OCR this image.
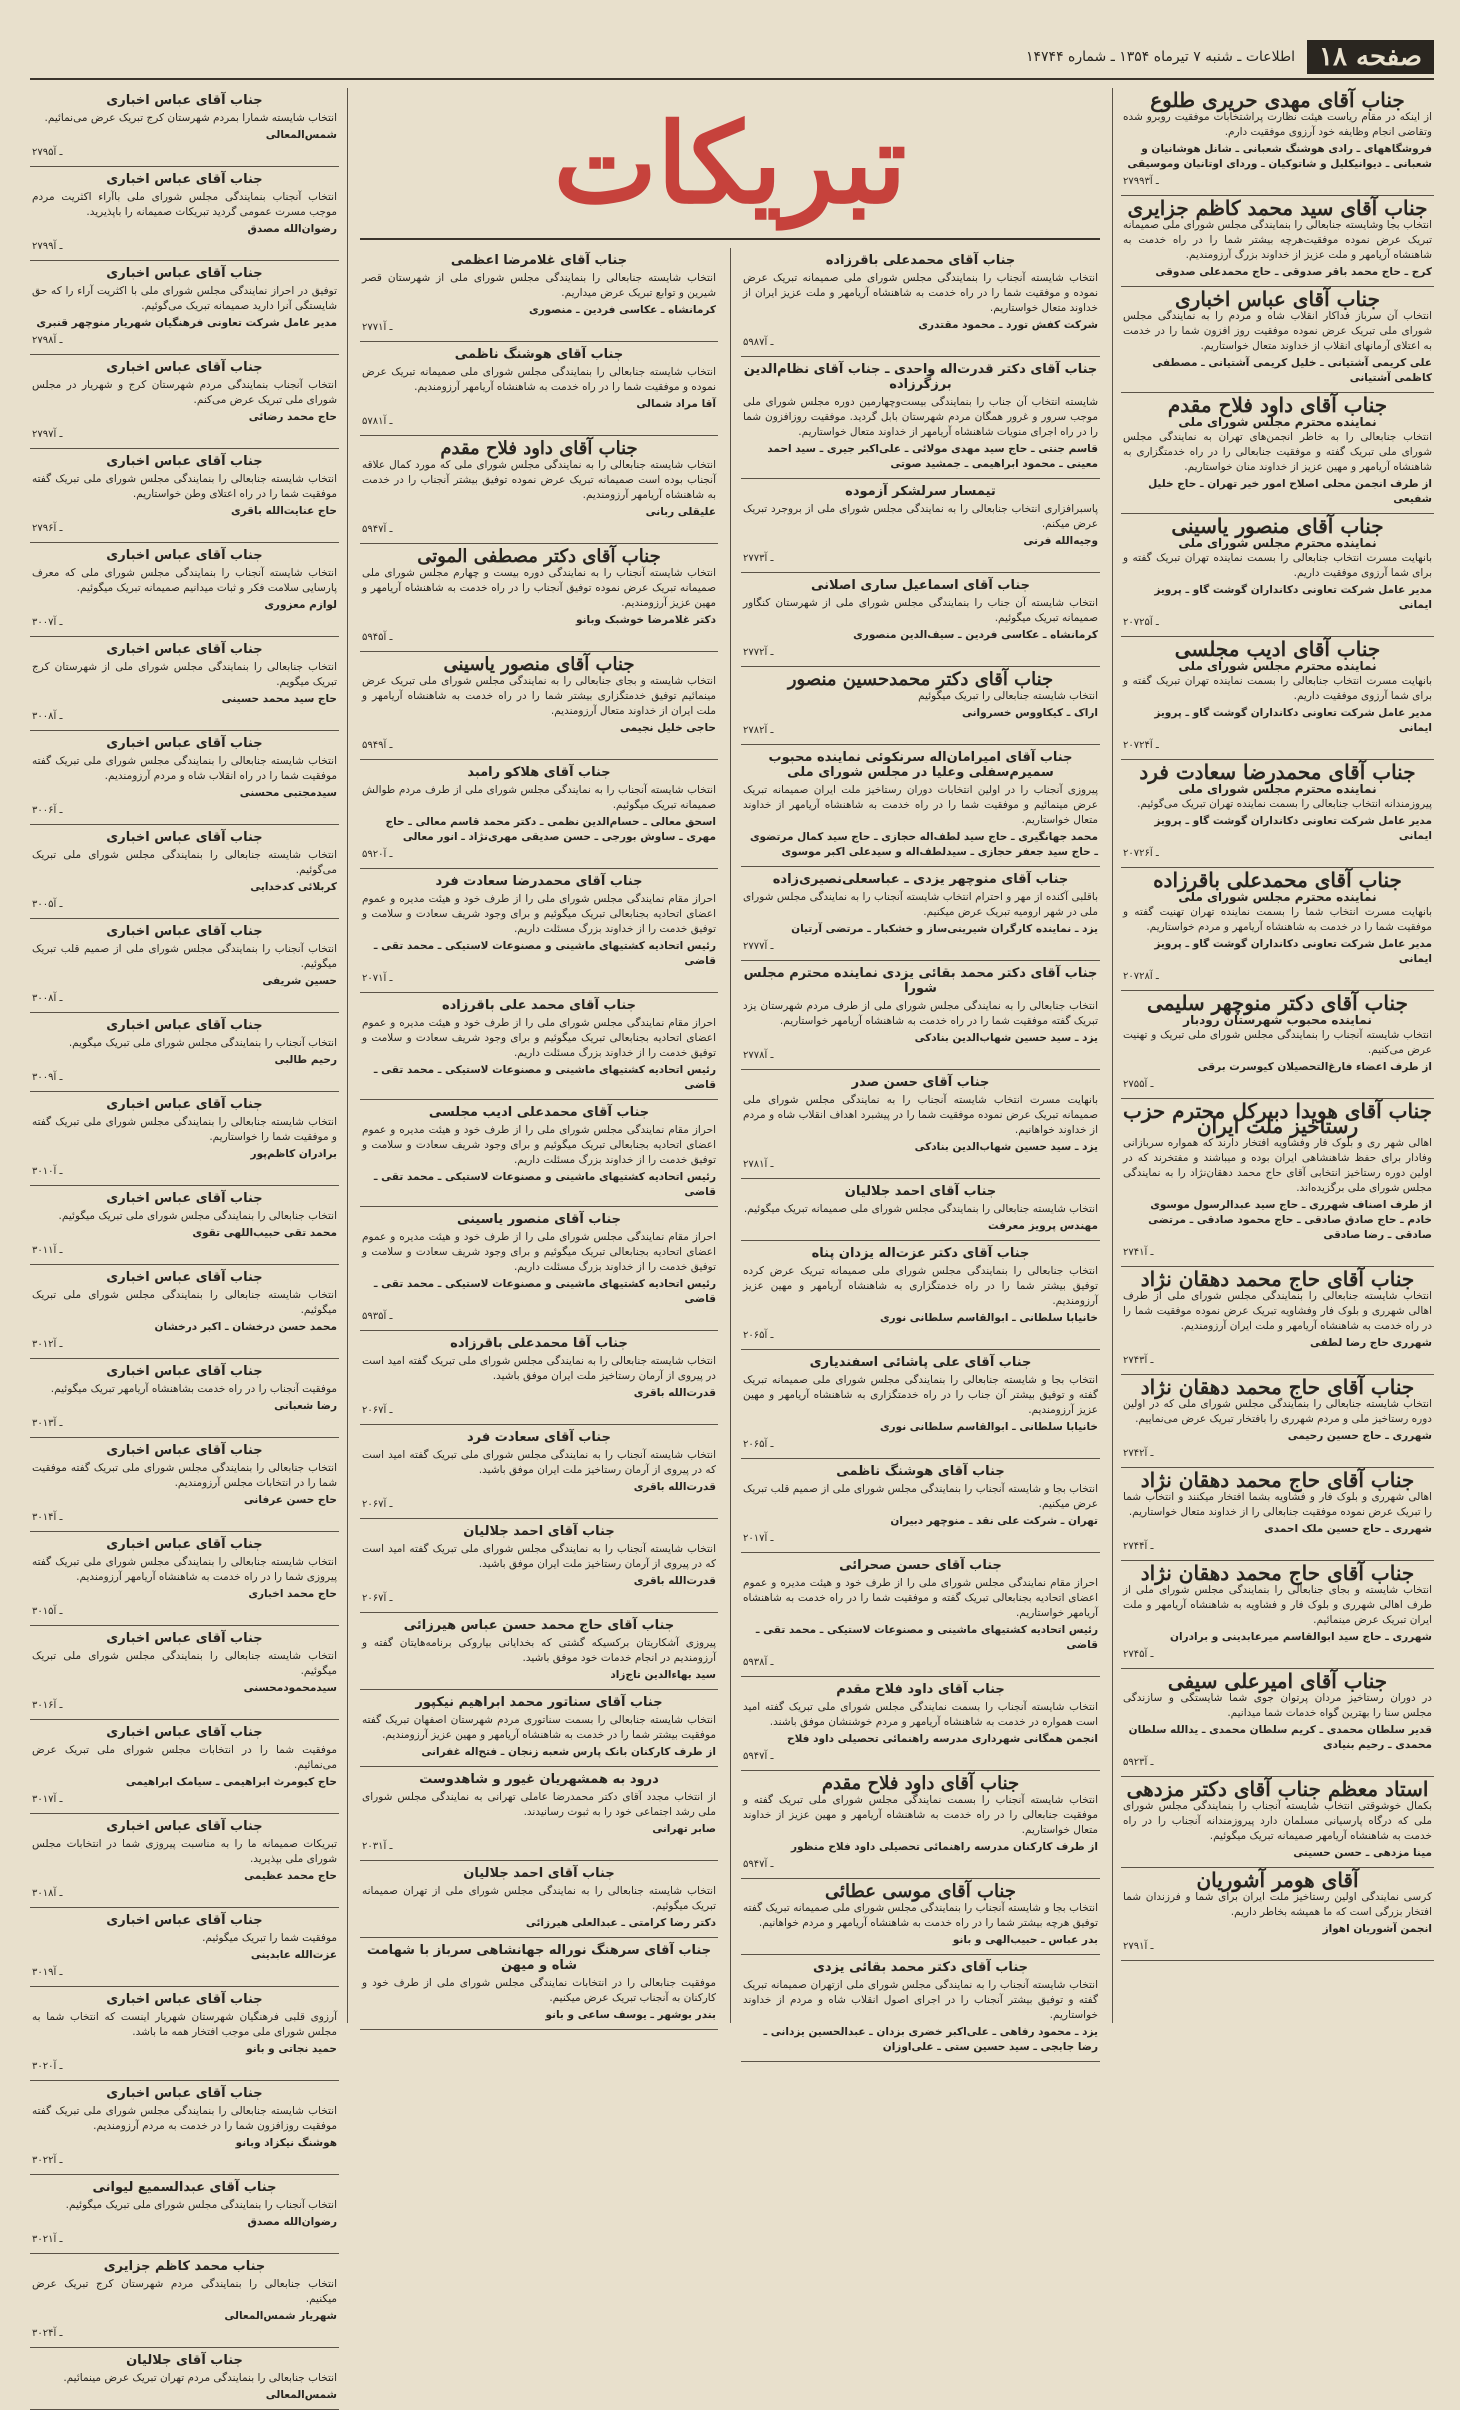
صفحه ۱۸
اطلاعات ـ شنبه ۷ تیرماه ۱۳۵۴ ـ شماره ۱۴۷۴۴
جناب آقای مهدی حریری طلوع

از اینکه در مقام ریاست هیئت نظارت پراشتخابات موفقیت روبرو شده وتقاضی انجام وظایفه خود آرزوی موفقیت دارم.

فروشگاههای ـ رادی هوشنگ شعبانی ـ شانل هوشانیان و شعبانی ـ دیوانیکلیل و شاتوکیان ـ وردای اوتانیان وموسیقی
۲۷۹۹۳ـ آ
جناب آقای سید محمد کاظم جزایری

انتخاب بجا وشایسته جنابعالی را بنمایندگی مجلس شورای ملی صمیمانه تبریک عرض نموده موفقیت‌هرچه بیشتر شما را در راه خدمت به شاهنشاه آریامهر و ملت عزیز از خداوند بزرگ آرزومندیم.

کرج ـ حاج محمد باقر صدوقی ـ حاج محمدعلی صدوقی
جناب آقای عباس اخباری

انتخاب آن سرباز فداکار انقلاب شاه و مردم را به نمایندگی مجلس شورای ملی تبریک عرض نموده موفقیت روز افزون شما را در خدمت به اعتلای آرمانهای انقلاب از خداوند متعال خواستاریم.

علی کریمی آشتیانی ـ خلیل کریمی آشتیانی ـ مصطفی کاظمی آشتیانی
جناب آقای داود فلاح مقدم
نماینده محترم مجلس شورای ملی

انتخاب جنابعالی را به خاطر انجمن‌های تهران به نمایندگی مجلس شورای ملی تبریک گفته و موفقیت جنابعالی را در راه خدمتگزاری به شاهنشاه آریامهر و مهین عزیز از خداوند منان خواستاریم.

از طرف انجمن محلی اصلاح امور خیر تهران ـ حاج خلیل شفیعی
جناب آقای منصور یاسینی
نماینده محترم مجلس شورای ملی

بانهایت مسرت انتخاب جنابعالی را بسمت نماینده تهران تبریک گفته و برای شما آرزوی موفقیت داریم.

مدیر عامل شرکت تعاونی دکانداران گوشت گاو ـ پرویز ایمانی
۲۰۷۲۵ـ آ
جناب آقای ادیب مجلسی
نماینده محترم مجلس شورای ملی

بانهایت مسرت انتخاب جنابعالی را بسمت نماینده تهران تبریک گفته و برای شما آرزوی موفقیت داریم.

مدیر عامل شرکت تعاونی دکانداران گوشت گاو ـ پرویز ایمانی
۲۰۷۲۴ـ آ
جناب آقای محمدرضا سعادت فرد
نماینده محترم مجلس شورای ملی

پیروزمندانه انتخاب جنابعالی را بسمت نماینده تهران تبریک می‌گوئیم.

مدیر عامل شرکت تعاونی دکانداران گوشت گاو ـ پرویز ایمانی
۲۰۷۲۶ـ آ
جناب آقای محمدعلی باقرزاده
نماینده محترم مجلس شورای ملی

بانهایت مسرت انتخاب شما را بسمت نماینده تهران تهنیت گفته و موفقیت شما را در خدمت به شاهنشاه آریامهر و مردم خواستاریم.

مدیر عامل شرکت تعاونی دکانداران گوشت گاو ـ پرویز ایمانی
۲۰۷۲۸ـ آ
جناب آقای دکتر منوچهر سلیمی
نماینده محبوب شهرستان رودبار

انتخاب شایسته آنجناب را بنمایندگی مجلس شورای ملی تبریک و تهنیت عرض می‌کنیم.

از طرف اعضاء فارغ‌التحصیلان کیوسرت برقی
۲۷۵۵ـ آ
جناب آقای هویدا دبیرکل محترم حزب رستاخیز ملت ایران

اهالی شهر ری و بلوک فار وفشاویه افتخار دارند که همواره سربازانی وفادار برای حفظ شاهنشاهی ایران بوده و میباشند و مفتخرند که در اولین دوره رستاخیز انتخابی آقای حاج محمد دهقان‌نژاد را به نمایندگی مجلس شورای ملی برگزیده‌اند.

از طرف اصناف شهرری ـ حاج سید عبدالرسول موسوی خادم ـ حاج صادق صادقی ـ حاج محمود صادقی ـ مرتضی صادقی ـ رضا صادقی
۲۷۴۱ـ آ
جناب آقای حاج محمد دهقان نژاد

انتخاب شایسته جنابعالی را بنمایندگی مجلس شورای ملی از طرف اهالی شهرری و بلوک فار وفشاویه تبریک عرض نموده موفقیت شما را در راه خدمت به شاهنشاه آریامهر و ملت ایران آرزومندیم.

شهرری حاج رضا لطفی
۲۷۴۳ـ آ
جناب آقای حاج محمد دهقان نژاد

انتخاب شایسته جنابعالی را بنمایندگی مجلس شورای ملی که در اولین دوره رستاخیز ملی و مردم شهرری را بافتخار تبریک عرض می‌نماییم.

شهرری ـ حاج حسین رحیمی
۲۷۴۲ـ آ
جناب آقای حاج محمد دهقان نژاد

اهالی شهرری و بلوک فار و فشاویه بشما افتخار میکنند و انتخاب شما را تبریک عرض نموده موفقیت جنابعالی را از خداوند متعال خواستاریم.

شهرری ـ حاج حسین ملک احمدی
۲۷۴۴ـ آ
جناب آقای حاج محمد دهقان نژاد

انتخاب شایسته و بجای جنابعالی را بنمایندگی مجلس شورای ملی از طرف اهالی شهرری و بلوک فار و فشاویه به شاهنشاه آریامهر و ملت ایران تبریک عرض مینمائیم.

شهرری ـ حاج سید ابوالقاسم میرعابدینی و برادران
۲۷۴۵ـ آ
جناب آقای امیرعلی سیفی

در دوران رستاخیز مردان پرتوان جوی شما شایستگی و سازندگی مجلس سنا را بهترین گواه خدمات شما میدانیم.

قدیر سلطان محمدی ـ کریم سلطان محمدی ـ یدالله سلطان محمدی ـ رحیم بنیادی
۵۹۲۳ـ آ
استاد معظم جناب آقای دکتر مزدهی

بکمال خوشوقتی انتخاب شایسته آنجناب را بنمایندگی مجلس شورای ملی که درگاه پارسیانی مسلمان دارد پیروزمندانه آنجناب را در راه خدمت به شاهنشاه آریامهر صمیمانه تبریک میگوئیم.

مینا مزدهی ـ حسن حسینی
آقای هومر آشوریان

کرسی نمایندگی اولین رستاخیز ملت ایران برای شما و فرزندان شما افتخار بزرگی است که ما همیشه بخاطر داریم.

انجمن آشوریان اهواز
۲۷۹۱ـ آ
تبریکات
جناب آقای محمدعلی باقرزاده

انتخاب شایسته آنجناب را بنمایندگی مجلس شورای ملی صمیمانه تبریک عرض نموده و موفقیت شما را در راه خدمت به شاهنشاه آریامهر و ملت عزیز ایران از خداوند متعال خواستاریم.

شرکت کفش تورد ـ محمود مقتدری
۵۹۸۷ـ آ
جناب آقای دکتر قدرت‌اله واحدی ـ جناب آقای نظام‌الدین برزگرزاده

شایسته انتخاب آن جناب را بنمایندگی بیست‌وچهارمین دوره مجلس شورای ملی موجب سرور و غرور همگان مردم شهرستان بابل گردید. موفقیت روزافزون شما را در راه اجرای منویات شاهنشاه آریامهر از خداوند متعال خواستاریم.

قاسم جنتی ـ حاج سید مهدی مولائی ـ علی‌اکبر جیری ـ سید احمد معینی ـ محمود ابراهیمی ـ جمشید صوتی
تیمسار سرلشکر آزموده

پاسبرافزاری انتخاب جنابعالی را به نمایندگی مجلس شورای ملی از بروجرد تبریک عرض میکنم.

وجیه‌الله فرنی
۲۷۷۳ـ آ
جناب آقای اسماعیل ساری اصلانی

انتخاب شایسته آن جناب را بنمایندگی مجلس شورای ملی از شهرستان کنگاور صمیمانه تبریک میگوئیم.

کرمانشاه ـ عکاسی فردین ـ سیف‌الدین منصوری
۲۷۷۲ـ آ
جناب آقای دکتر محمدحسین منصور

انتخاب شایسته جنابعالی را تبریک میگوئیم

اراک ـ کیکاووس خسروانی
۲۷۸۲ـ آ
جناب آقای امیرامان‌اله سرنکوئی نماینده محبوب سمیرم‌سفلی وعلیا در مجلس شورای ملی

پیروزی آنجناب را در اولین انتخابات دوران رستاخیز ملت ایران صمیمانه تبریک عرض مینمائیم و موفقیت شما را در راه خدمت به شاهنشاه آریامهر از خداوند متعال خواستاریم.

محمد جهانگیری ـ حاج سید لطف‌اله حجازی ـ حاج سید کمال مرتضوی ـ حاج سید جعفر حجازی ـ سیدلطف‌اله و سیدعلی اکبر موسوی
جناب آقای منوچهر یزدی ـ عباسعلی‌نصیری‌زاده

باقلبی آکنده از مهر و احترام انتخاب شایسته آنجناب را به نمایندگی مجلس شورای ملی در شهر ارومیه تبریک عرض میکنیم.

یزد ـ نماینده کارگران شیرینی‌ساز و خشکبار ـ مرتضی آرتیان
۲۷۷۷ـ آ
جناب آقای دکتر محمد بقائی یزدی نماینده محترم مجلس شورا

انتخاب جنابعالی را به نمایندگی مجلس شورای ملی از طرف مردم شهرستان یزد تبریک گفته موفقیت شما را در راه خدمت به شاهنشاه آریامهر خواستاریم.

یزد ـ سید حسین شهاب‌الدین بنادکی
۲۷۷۸ـ آ
جناب آقای حسن صدر

بانهایت مسرت انتخاب شایسته آنجناب را به نمایندگی مجلس شورای ملی صمیمانه تبریک عرض نموده موفقیت شما را در پیشبرد اهداف انقلاب شاه و مردم از خداوند خواهانیم.

یزد ـ سید حسین شهاب‌الدین بنادکی
۲۷۸۱ـ آ
جناب آقای احمد جلالیان

انتخاب شایسته جنابعالی را بنمایندگی مجلس شورای ملی صمیمانه تبریک میگوئیم.

مهندس پرویز معرفت
جناب آقای دکتر عزت‌اله یزدان پناه

انتخاب جنابعالی را بنمایندگی مجلس شورای ملی صمیمانه تبریک عرض کرده توفیق بیشتر شما را در راه خدمتگزاری به شاهنشاه آریامهر و مهین عزیز آرزومندیم.

خانیابا سلطانی ـ ابوالقاسم سلطانی نوری
۲۰۶۵ـ آ
جناب آقای علی پاشائی اسفندیاری

انتخاب بجا و شایسته جنابعالی را بنمایندگی مجلس شورای ملی صمیمانه تبریک گفته و توفیق بیشتر آن جناب را در راه خدمتگزاری به شاهنشاه آریامهر و مهین عزیز آرزومندیم.

خانیابا سلطانی ـ ابوالقاسم سلطانی نوری
۲۰۶۵ـ آ
جناب آقای هوشنگ ناظمی

انتخاب بجا و شایسته آنجناب را بنمایندگی مجلس شورای ملی از صمیم قلب تبریک عرض میکنیم.

تهران ـ شرکت علی نقد ـ منوچهر دبیران
۲۰۱۷ـ آ
جناب آقای حسن صحرائی

احراز مقام نمایندگی مجلس شورای ملی را از طرف خود و هیئت مدیره و عموم اعضای اتحادیه بجنابعالی تبریک گفته و موفقیت شما را در راه خدمت به شاهنشاه آریامهر خواستاریم.

رئیس اتحادیه کشتیهای ماشینی و مصنوعات لاستیکی ـ محمد تقی ـ قاضی
۵۹۳۸ـ آ
جناب آقای داود فلاح مقدم

انتخاب شایسته آنجناب را بسمت نمایندگی مجلس شورای ملی تبریک گفته امید است همواره در خدمت به شاهنشاه آریامهر و مردم خوشنشان موفق باشند.

انجمن همگانی شهرداری مدرسه راهنمائی تحصیلی داود فلاح
۵۹۴۷ـ آ
جناب آقای داود فلاح مقدم

انتخاب شایسته آنجناب را بسمت نمایندگی مجلس شورای ملی تبریک گفته و موفقیت جنابعالی را در راه خدمت به شاهنشاه آریامهر و مهین عزیز از خداوند متعال خواستاریم.

از طرف کارکنان مدرسه راهنمائی تحصیلی داود فلاح منظور
۵۹۴۷ـ آ
جناب آقای موسی عطائی

انتخاب بجا و شایسته آنجناب را بنمایندگی مجلس شورای ملی صمیمانه تبریک گفته توفیق هرچه بیشتر شما را در راه خدمت به شاهنشاه آریامهر و مردم خواهانیم.

بدر عباس ـ حبیب‌الهی و بانو
جناب آقای دکتر محمد بقائی یزدی

انتخاب شایسته آنجناب را به نمایندگی مجلس شورای ملی ازتهران صمیمانه تبریک گفته و توفیق بیشتر آنجناب را در اجرای اصول انقلاب شاه و مردم از خداوند خواستاریم.

یزد ـ محمود رفاهی ـ علی‌اکبر خضری بزدان ـ عبدالحسین یزدانی ـ رضا جابجی ـ سید حسین ستی ـ علی‌اوزان
جناب آقای غلامرضا اعظمی

انتخاب شایسته جنابعالی را بنمایندگی مجلس شورای ملی از شهرستان قصر شیرین و توابع تبریک عرض میداریم.

کرمانشاه ـ عکاسی فردین ـ منصوری
۲۷۷۱ـ آ
جناب آقای هوشنگ ناظمی

انتخاب شایسته جنابعالی را بنمایندگی مجلس شورای ملی صمیمانه تبریک عرض نموده و موفقیت شما را در راه خدمت به شاهنشاه آریامهر آرزومندیم.

آقا مراد شمالی
۵۷۸۱ـ آ
جناب آقای داود فلاح مقدم

انتخاب شایسته جنابعالی را به نمایندگی مجلس شورای ملی که مورد کمال علاقه آنجناب بوده است صمیمانه تبریک عرض نموده توفیق بیشتر آنجناب را در خدمت به شاهنشاه آریامهر آرزومندیم.

علیقلی ربانی
۵۹۴۷ـ آ
جناب آقای دکتر مصطفی الموتی

انتخاب شایسته آنجناب را به نمایندگی دوره بیست و چهارم مجلس شورای ملی صمیمانه تبریک عرض نموده توفیق آنجناب را در راه خدمت به شاهنشاه آریامهر و مهین عزیز آرزومندیم.

دکتر غلامرضا خوشبک وبانو
۵۹۴۵ـ آ
جناب آقای منصور یاسینی

انتخاب شایسته و بجای جنابعالی را به نمایندگی مجلس شورای ملی تبریک عرض مینمائیم توفیق خدمتگزاری بیشتر شما را در راه خدمت به شاهنشاه آریامهر و ملت ایران از خداوند متعال آرزومندیم.

حاجی خلیل نجیمی
۵۹۴۹ـ آ
جناب آقای هلاکو رامبد

انتخاب شایسته آنجناب را به نمایندگی مجلس شورای ملی از طرف مردم طوالش صمیمانه تبریک میگوئیم.

اسحق معالی ـ حسام‌الدین نظمی ـ دکتر محمد قاسم معالی ـ حاج مهری ـ ساوش بورجی ـ حسن صدیقی مهری‌نژاد ـ انور معالی
۵۹۲۰ـ آ
جناب آقای محمدرضا سعادت فرد

احراز مقام نمایندگی مجلس شورای ملی را از طرف خود و هیئت مدیره و عموم اعضای اتحادیه بجنابعالی تبریک میگوئیم و برای وجود شریف سعادت و سلامت و توفیق خدمت را از خداوند بزرگ مسئلت داریم.

رئیس اتحادیه کشتیهای ماشینی و مصنوعات لاستیکی ـ محمد تقی ـ قاضی
۲۰۷۱ـ آ
جناب آقای محمد علی باقرزاده

احراز مقام نمایندگی مجلس شورای ملی را از طرف خود و هیئت مدیره و عموم اعضای اتحادیه بجنابعالی تبریک میگوئیم و برای وجود شریف سعادت و سلامت و توفیق خدمت را از خداوند بزرگ مسئلت داریم.

رئیس اتحادیه کشتیهای ماشینی و مصنوعات لاستیکی ـ محمد تقی ـ قاضی
جناب آقای محمدعلی ادیب مجلسی

احراز مقام نمایندگی مجلس شورای ملی را از طرف خود و هیئت مدیره و عموم اعضای اتحادیه بجنابعالی تبریک میگوئیم و برای وجود شریف سعادت و سلامت و توفیق خدمت را از خداوند بزرگ مسئلت داریم.

رئیس اتحادیه کشتیهای ماشینی و مصنوعات لاستیکی ـ محمد تقی ـ قاضی
جناب آقای منصور یاسینی

احراز مقام نمایندگی مجلس شورای ملی را از طرف خود و هیئت مدیره و عموم اعضای اتحادیه بجنابعالی تبریک میگوئیم و برای وجود شریف سعادت و سلامت و توفیق خدمت را از خداوند بزرگ مسئلت داریم.

رئیس اتحادیه کشتیهای ماشینی و مصنوعات لاستیکی ـ محمد تقی ـ قاضی
۵۹۳۵ـ آ
جناب آقا محمدعلی باقرزاده

انتخاب شایسته جنابعالی را به نمایندگی مجلس شورای ملی تبریک گفته امید است در پیروی از آرمان رستاخیز ملت ایران موفق باشید.

قدرت‌الله باقری
۲۰۶۷ـ آ
جناب آقای سعادت فرد

انتخاب شایسته آنجناب را به نمایندگی مجلس شورای ملی تبریک گفته امید است که در پیروی از آرمان رستاخیز ملت ایران موفق باشید.

قدرت‌الله باقری
۲۰۶۷ـ آ
جناب آقای احمد جلالیان

انتخاب شایسته آنجناب را به نمایندگی مجلس شورای ملی تبریک گفته امید است که در پیروی از آرمان رستاخیز ملت ایران موفق باشید.

قدرت‌الله باقری
۲۰۶۷ـ آ
جناب آقای حاج محمد حسن عباس هیرزائی

پیروزی آشکاریتان برکسیکه گشتی که بخدایانی بیاروکی برنامه‌هایتان گفته و آرزومندیم در انجام خدمات خود موفق باشید.

سید بهاءالدین تاج‌زاد
جناب آقای سناتور محمد ابراهیم نیکپور

انتخاب شایسته جنابعالی را بسمت سناتوری مردم شهرستان اصفهان تبریک گفته موفقیت بیشتر شما را در خدمت به شاهنشاه آریامهر و مهین عزیز آرزومندیم.

از طرف کارکنان بانک پارس شعبه زنجان ـ فتح‌اله غفرانی
درود به همشهریان غیور و شاهدوست

از انتخاب مجدد آقای دکتر محمدرضا عاملی تهرانی به نمایندگی مجلس شورای ملی رشد اجتماعی خود را به ثبوت رسانیدند.

صابر تهرانی
۲۰۳۱ـ آ
جناب آقای احمد جلالیان

انتخاب شایسته جنابعالی را به نمایندگی مجلس شورای ملی از تهران صمیمانه تبریک میگوئیم.

دکتر رضا کرامتی ـ عبدالعلی هیرزائی
جناب آقای سرهنگ نوراله جهانشاهی سرباز با شهامت شاه و میهن

موفقیت جنابعالی را در انتخابات نمایندگی مجلس شورای ملی از طرف خود و کارکنان به آنجناب تبریک عرض میکنیم.

بندر بوشهر ـ یوسف ساعی و بانو
جناب آقای عباس اخباری

انتخاب شایسته شمارا بمردم شهرستان کرج تبریک عرض می‌نمائیم.

شمس‌المعالی
۲۷۹۵ـ آ
جناب آقای عباس اخباری

انتخاب آنجناب بنمایندگی مجلس شورای ملی باآراء اکثریت مردم موجب مسرت عمومی گردید تبریکات صمیمانه را باپذیرید.

رضوان‌الله مصدق
۲۷۹۹ـ آ
جناب آقای عباس اخباری

توفیق در احراز نمایندگی مجلس شورای ملی با اکثریت آراء را که حق شایستگی آنرا دارید صمیمانه تبریک می‌گوئیم.

مدیر عامل شرکت تعاونی فرهنگیان شهریار منوچهر قنبری
۲۷۹۸ـ آ
جناب آقای عباس اخباری

انتخاب آنجناب بنمایندگی مردم شهرستان کرج و شهریار در مجلس شورای ملی تبریک عرض می‌کنم.

حاج محمد رضائی
۲۷۹۷ـ آ
جناب آقای عباس اخباری

انتخاب شایسته جنابعالی را بنمایندگی مجلس شورای ملی تبریک گفته موفقیت شما را در راه اعتلای وطن خواستاریم.

حاج عنایت‌الله باقری
۲۷۹۶ـ آ
جناب آقای عباس اخباری

انتخاب شایسته آنجناب را بنمایندگی مجلس شورای ملی که معرف پارسایی سلامت فکر و ثبات میدانیم صمیمانه تبریک میگوئیم.

لوازم معزوری
۳۰۰۷ـ آ
جناب آقای عباس اخباری

انتخاب جنابعالی را بنمایندگی مجلس شورای ملی از شهرستان کرج تبریک میگویم.

حاج سید محمد حسینی
۳۰۰۸ـ آ
جناب آقای عباس اخباری

انتخاب شایسته جنابعالی را بنمایندگی مجلس شورای ملی تبریک گفته موفقیت شما را در راه انقلاب شاه و مردم آرزومندیم.

سیدمجتبی محسنی
۳۰۰۶ـ آ
جناب آقای عباس اخباری

انتخاب شایسته جنابعالی را بنمایندگی مجلس شورای ملی تبریک می‌گوئیم.

کربلائی کدخدایی
۳۰۰۵ـ آ
جناب آقای عباس اخباری

انتخاب آنجناب را بنمایندگی مجلس شورای ملی از صمیم قلب تبریک میگوئیم.

حسین شریفی
۳۰۰۸ـ آ
جناب آقای عباس اخباری

انتخاب آنجناب را بنمایندگی مجلس شورای ملی تبریک میگویم.

رحیم طالبی
۳۰۰۹ـ آ
جناب آقای عباس اخباری

انتخاب شایسته جنابعالی را بنمایندگی مجلس شورای ملی تبریک گفته و موفقیت شما را خواستاریم.

برادران کاظم‌پور
۳۰۱۰ـ آ
جناب آقای عباس اخباری

انتخاب جنابعالی را بنمایندگی مجلس شورای ملی تبریک میگوئیم.

محمد تقی حبیب‌اللهی تقوی
۳۰۱۱ـ آ
جناب آقای عباس اخباری

انتخاب شایسته جنابعالی را بنمایندگی مجلس شورای ملی تبریک میگوئیم.

محمد حسن درخشان ـ اکبر درخشان
۳۰۱۲ـ آ
جناب آقای عباس اخباری

موفقیت آنجناب را در راه خدمت بشاهنشاه آریامهر تبریک میگوئیم.

رضا شعبانی
۳۰۱۳ـ آ
جناب آقای عباس اخباری

انتخاب جنابعالی را بنمایندگی مجلس شورای ملی تبریک گفته موفقیت شما را در انتخابات مجلس آرزومندیم.

حاج حسن عرفانی
۳۰۱۴ـ آ
جناب آقای عباس اخباری

انتخاب شایسته جنابعالی را بنمایندگی مجلس شورای ملی تبریک گفته پیروزی شما را در راه خدمت به شاهنشاه آریامهر آرزومندیم.

حاج محمد اخباری
۳۰۱۵ـ آ
جناب آقای عباس اخباری

انتخاب شایسته جنابعالی را بنمایندگی مجلس شورای ملی تبریک میگوئیم.

سیدمحمودمحسنی
۳۰۱۶ـ آ
جناب آقای عباس اخباری

موفقیت شما را در انتخابات مجلس شورای ملی تبریک عرض می‌نمائیم.

حاج کیومرث ابراهیمی ـ سیامک ابراهیمی
۳۰۱۷ـ آ
جناب آقای عباس اخباری

تبریکات صمیمانه ما را به مناسبت پیروزی شما در انتخابات مجلس شورای ملی بپذیرید.

حاج محمد عظیمی
۳۰۱۸ـ آ
جناب آقای عباس اخباری

موفقیت شما را تبریک میگوئیم.

عزت‌الله عابدینی
۳۰۱۹ـ آ
جناب آقای عباس اخباری

آرزوی قلبی فرهنگیان شهرستان شهریار اینست که انتخاب شما به مجلس شورای ملی موجب افتخار همه ما باشد.

حمید نجاتی و بانو
۳۰۲۰ـ آ
جناب آقای عباس اخباری

انتخاب شایسته جنابعالی را بنمایندگی مجلس شورای ملی تبریک گفته موفقیت روزافزون شما را در خدمت به مردم آرزومندیم.

هوشنگ نیکزاد وبانو
۳۰۲۲ـ آ
جناب آقای عبدالسمیع لیوانی

انتخاب آنجناب را بنمایندگی مجلس شورای ملی تبریک میگوئیم.

رضوان‌الله مصدق
۳۰۲۱ـ آ
جناب محمد کاظم جزایری

انتخاب جنابعالی را بنمایندگی مردم شهرستان کرج تبریک عرض میکنیم.

شهریار شمس‌المعالی
۳۰۲۴ـ آ
جناب آقای جلالیان

انتخاب جنابعالی را بنمایندگی مردم تهران تبریک عرض مینمائیم.

شمس‌المعالی
